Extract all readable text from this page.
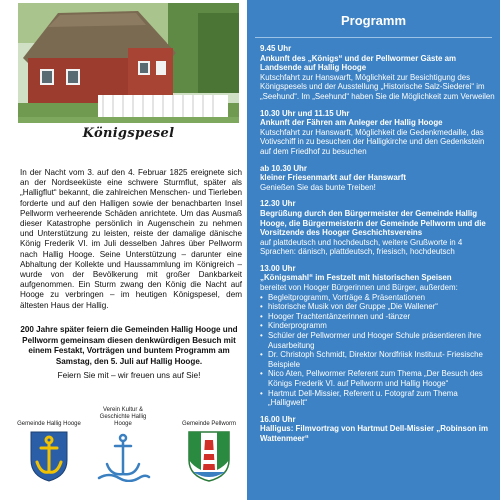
Königspesel
In der Nacht vom 3. auf den 4. Februar 1825 ereignete sich an der Nordseeküste eine schwere Sturmflut, später als „Halligflut“ bekannt, die zahlreichen Menschen- und Tierleben forderte und auf den Halligen sowie der benachbarten Insel Pellworm verheerende Schäden anrichtete. Um das Ausmaß dieser Katastrophe persönlich in Augenschein zu nehmen und Unterstützung zu leisten, reiste der damalige dänische König Frederik VI. im Juli desselben Jahres über Pellworm nach Hallig Hooge. Seine Unterstützung – darunter eine Abhaltung der Kollekte und Haussammlung im Königreich – wurde von der Bevölkerung mit großer Dankbarkeit aufgenommen. Ein Sturm zwang den König die Nacht auf Hooge zu verbringen – im heutigen Königspesel, dem ältesten Haus der Hallig.
200 Jahre später feiern die Gemeinden Hallig Hooge und Pellworm gemeinsam diesen denkwürdigen Besuch mit einem Festakt, Vorträgen und buntem Programm am Samstag, den 5. Juli auf Hallig Hooge.
Feiern Sie mit – wir freuen uns auf Sie!
Gemeinde Hallig Hooge
Verein Kultur & Geschichte Hallig Hooge	Gemeinde Pellworm
Programm
9.45 Uhr
Ankunft des „Königs“ und der Pellwormer Gäste am Landsende auf Hallig Hooge
Kutschfahrt zur Hanswarft, Möglichkeit zur Besichtigung des Königspesels und der Ausstellung „Historische Salz-Siederei“ im „Seehund“. Im „Seehund“ haben Sie die Möglichkeit zum Verweilen
10.30 Uhr und 11.15 Uhr
Ankunft der Fähren am Anleger der Hallig Hooge
Kutschfahrt zur Hanswarft, Möglichkeit die Gedenkmedaille, das Votivschiff in zu besuchen der Halligkirche und den Gedenkstein auf dem Friedhof zu besuchen
ab 10.30 Uhr
kleiner Friesenmarkt auf der Hanswarft
Genießen Sie das bunte Treiben!
12.30 Uhr
Begrüßung durch den Bürgermeister der Gemeinde Hallig Hooge, die Bürgermeisterin der Gemeinde Pellworm und die Vorsitzende des Hooger Geschichtsvereins
auf plattdeutsch und hochdeutsch, weitere Grußworte in 4 Sprachen: dänisch, plattdeutsch, friesisch, hochdeutsch
13.00 Uhr
„Königsmahl“ im Festzelt mit historischen Speisen
bereitet von Hooger Bürgerinnen und Bürger, außerdem:
• Begleitprogramm, Vorträge & Präsentationen
• historische Musik von der Gruppe „Die Wallener“
• Hooger Trachtentänzerinnen und -tänzer
• Kinderprogramm
• Schüler der Pellwormer und Hooger Schule präsentieren ihre Ausarbeitung
• Dr. Christoph Schmidt, Direktor Nordfriisk Instituut- Friesische Beispiele
• Nico Aten, Pellwormer Referent zum Thema „Der Besuch des Königs Frederik VI. auf Pellworm und Hallig Hooge“
• Hartmut Dell-Missier, Referent u. Fotograf zum Thema „Halligwelt“
16.00 Uhr
Halligus: Filmvortrag von Hartmut Dell-Missier „Robinson im Wattenmeer“
